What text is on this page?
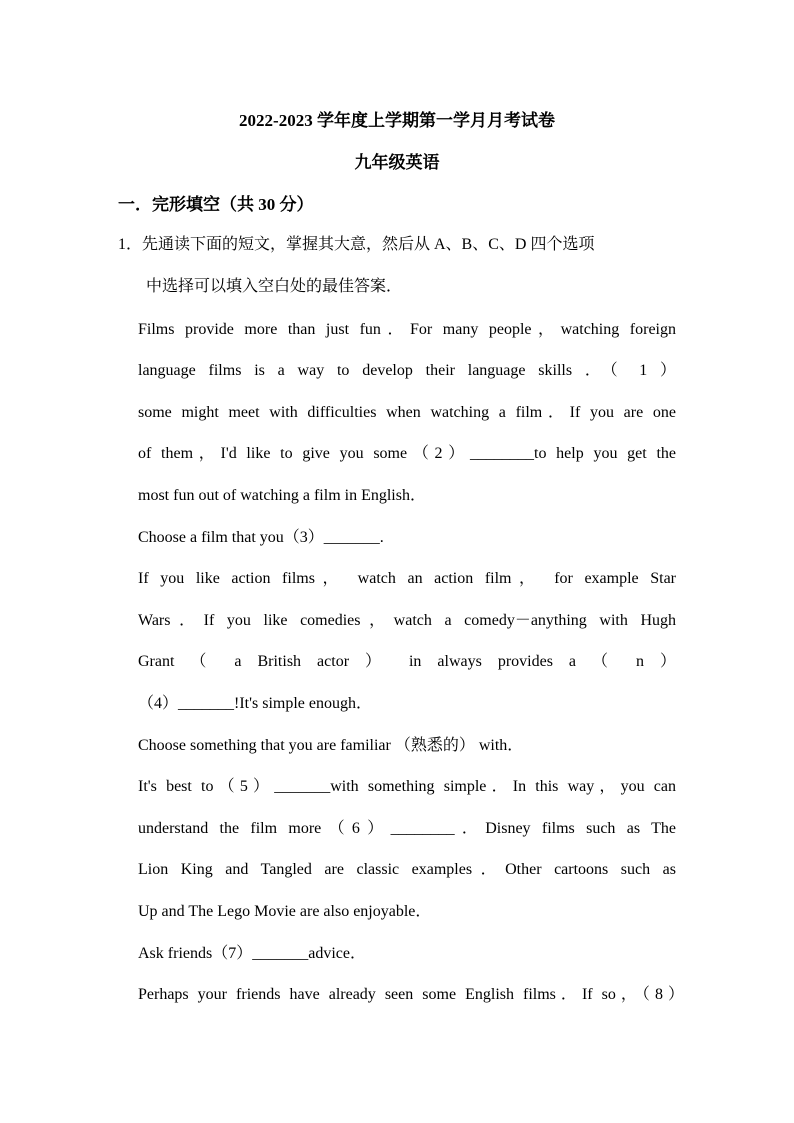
2022-2023 学年度上学期第一学月月考试卷
九年级英语
一．完形填空（共 30 分）
1．先通读下面的短文，掌握其大意，然后从 A、B、C、D 四个选项
中选择可以填入空白处的最佳答案．
Films provide more than just fun．For many people，watching foreign
language films is a way to develop their language skills ．（ 1 ）
some might meet with difficulties when watching a film．If you are one
of them，I'd like to give you some（2）________to help you get the
most fun out of watching a film in English．
Choose a film that you（3）_______.
If you like action films， watch an action film， for example Star
Wars．If you like comedies，watch a comedy－anything with Hugh
Grant （ a British actor ） in always provides a （ n ）
（4）_______!It's simple enough．
Choose something that you are familiar （熟悉的） with．
It's best to（5）_______with something simple．In this way，you can
understand the film more（6）________．Disney films such as The
Lion King and Tangled are classic examples．Other cartoons such as
Up and The Lego Movie are also enjoyable．
Ask friends（7）_______advice．
Perhaps your friends have already seen some English films．If so，（8）
